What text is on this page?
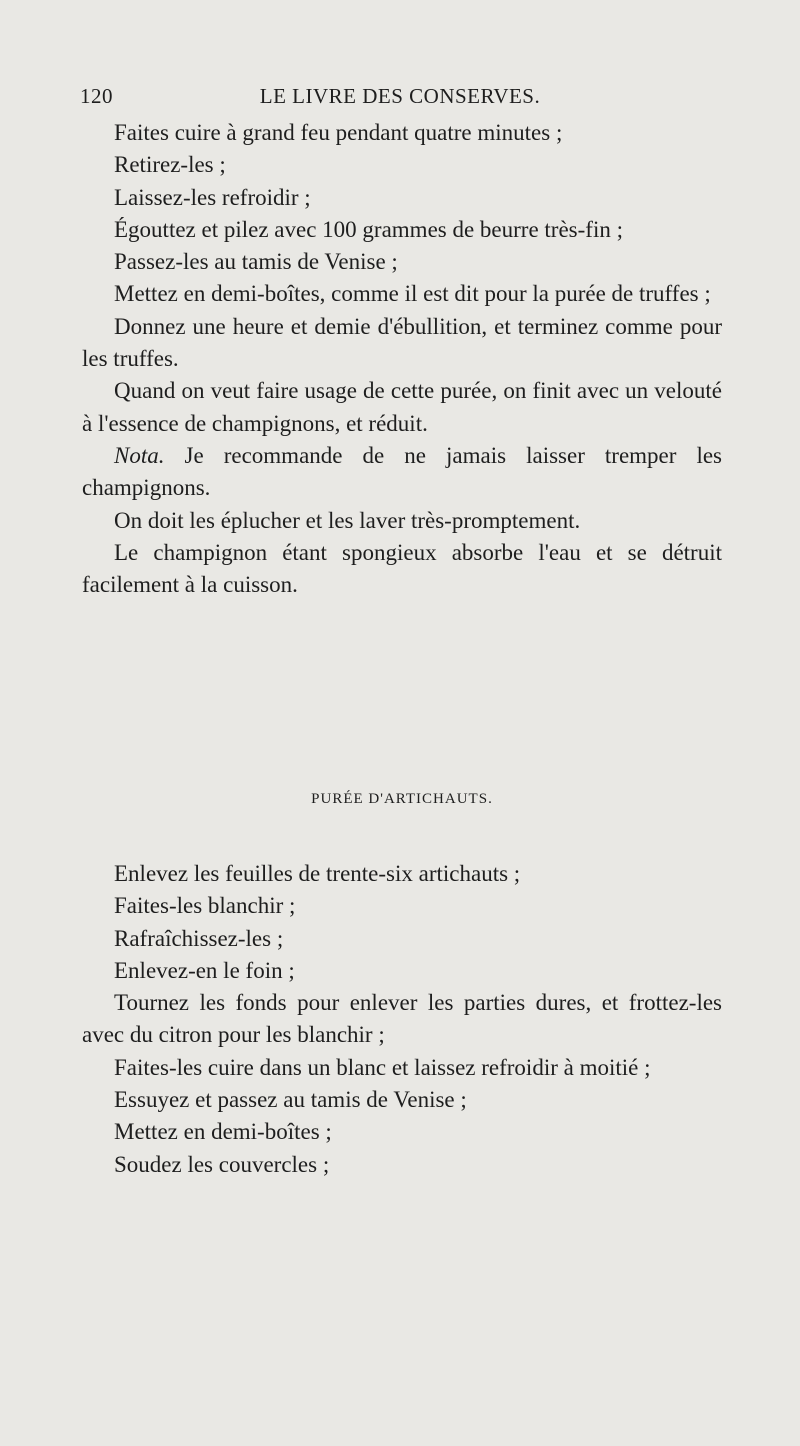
120	LE LIVRE DES CONSERVES.

Faites cuire à grand feu pendant quatre minutes ;

Retirez-les ;

Laissez-les refroidir ;

Égouttez et pilez avec 100 grammes de beurre très-fin ;

Passez-les au tamis de Venise ;

Mettez en demi-boîtes, comme il est dit pour la purée de truffes ;

Donnez une heure et demie d'ébullition, et terminez comme pour les truffes.

Quand on veut faire usage de cette purée, on finit avec un velouté à l'essence de champignons, et réduit.

Nota. Je recommande de ne jamais laisser tremper les champignons.

On doit les éplucher et les laver très-promptement.

Le champignon étant spongieux absorbe l'eau et se détruit facilement à la cuisson.

PURÉE D'ARTICHAUTS.

Enlevez les feuilles de trente-six artichauts ;

Faites-les blanchir ;

Rafraîchissez-les ;

Enlevez-en le foin ;

Tournez les fonds pour enlever les parties dures, et frottez-les avec du citron pour les blanchir ;

Faites-les cuire dans un blanc et laissez refroidir à moitié ;

Essuyez et passez au tamis de Venise ;

Mettez en demi-boîtes ;

Soudez les couvercles ;
